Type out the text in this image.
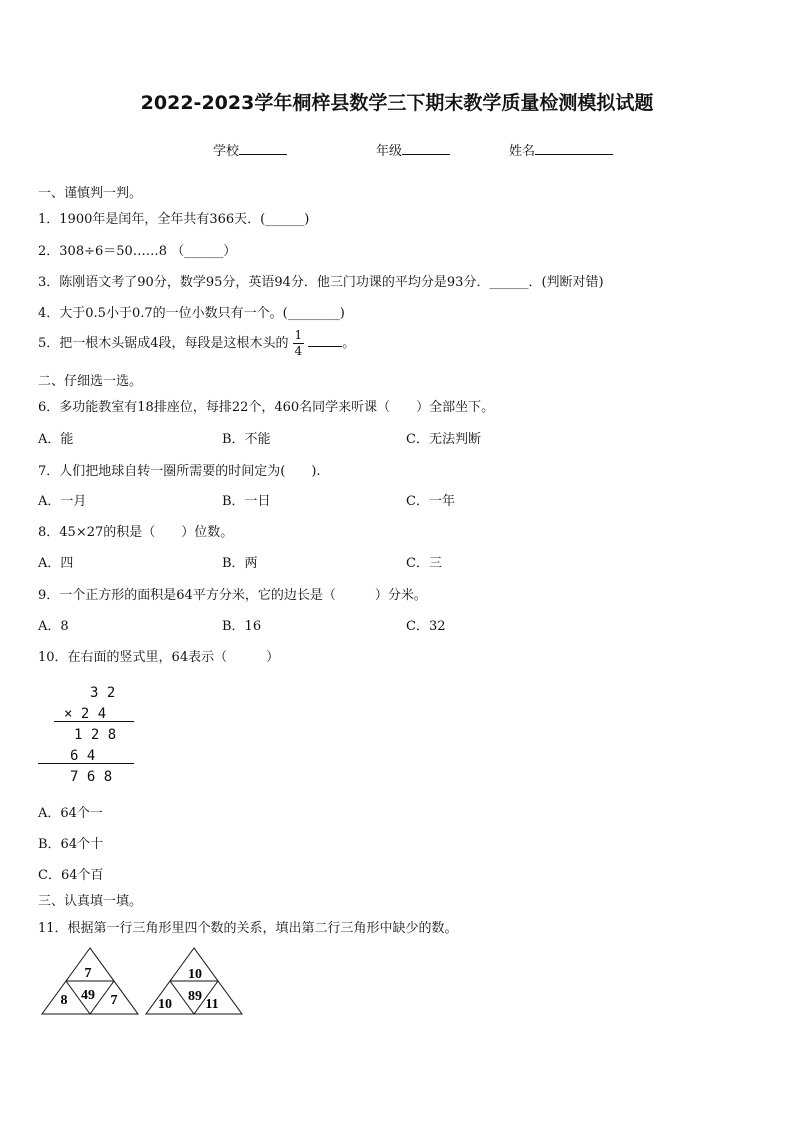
2022-2023学年桐梓县数学三下期末教学质量检测模拟试题
学校	年级	姓名
一、谨慎判一判。
1．1900年是闰年，全年共有366天．(______)
2．308÷6＝50……8 （______）
3．陈刚语文考了90分，数学95分，英语94分．他三门功课的平均分是93分．______．(判断对错)
4．大于0.5小于0.7的一位小数只有一个。(________)
5．把一根木头锯成4段，每段是这根木头的 $\frac{1}{4}$	。
二、仔细选一选。
6．多功能教室有18排座位，每排22个，460名同学来听课（　　）全部坐下。
A．能	B．不能	C．无法判断
7．人们把地球自转一圈所需要的时间定为(　　).
A．一月	B．一日	C．一年
8．45×27的积是（　　）位数。
A．四	B．两	C．三
9．一个正方形的面积是64平方分米，它的边长是（　　　）分米。
A．8	B．16	C．32
10．在右面的竖式里，64表示（　　　）
3 2
× 2 4
1 2 8
6 4
7 6 8
A．64个一
B．64个十
C．64个百
三、认真填一填。
11．根据第一行三角形里四个数的关系，填出第二行三角形中缺少的数。
7
49
8	7
10
89
10 11
